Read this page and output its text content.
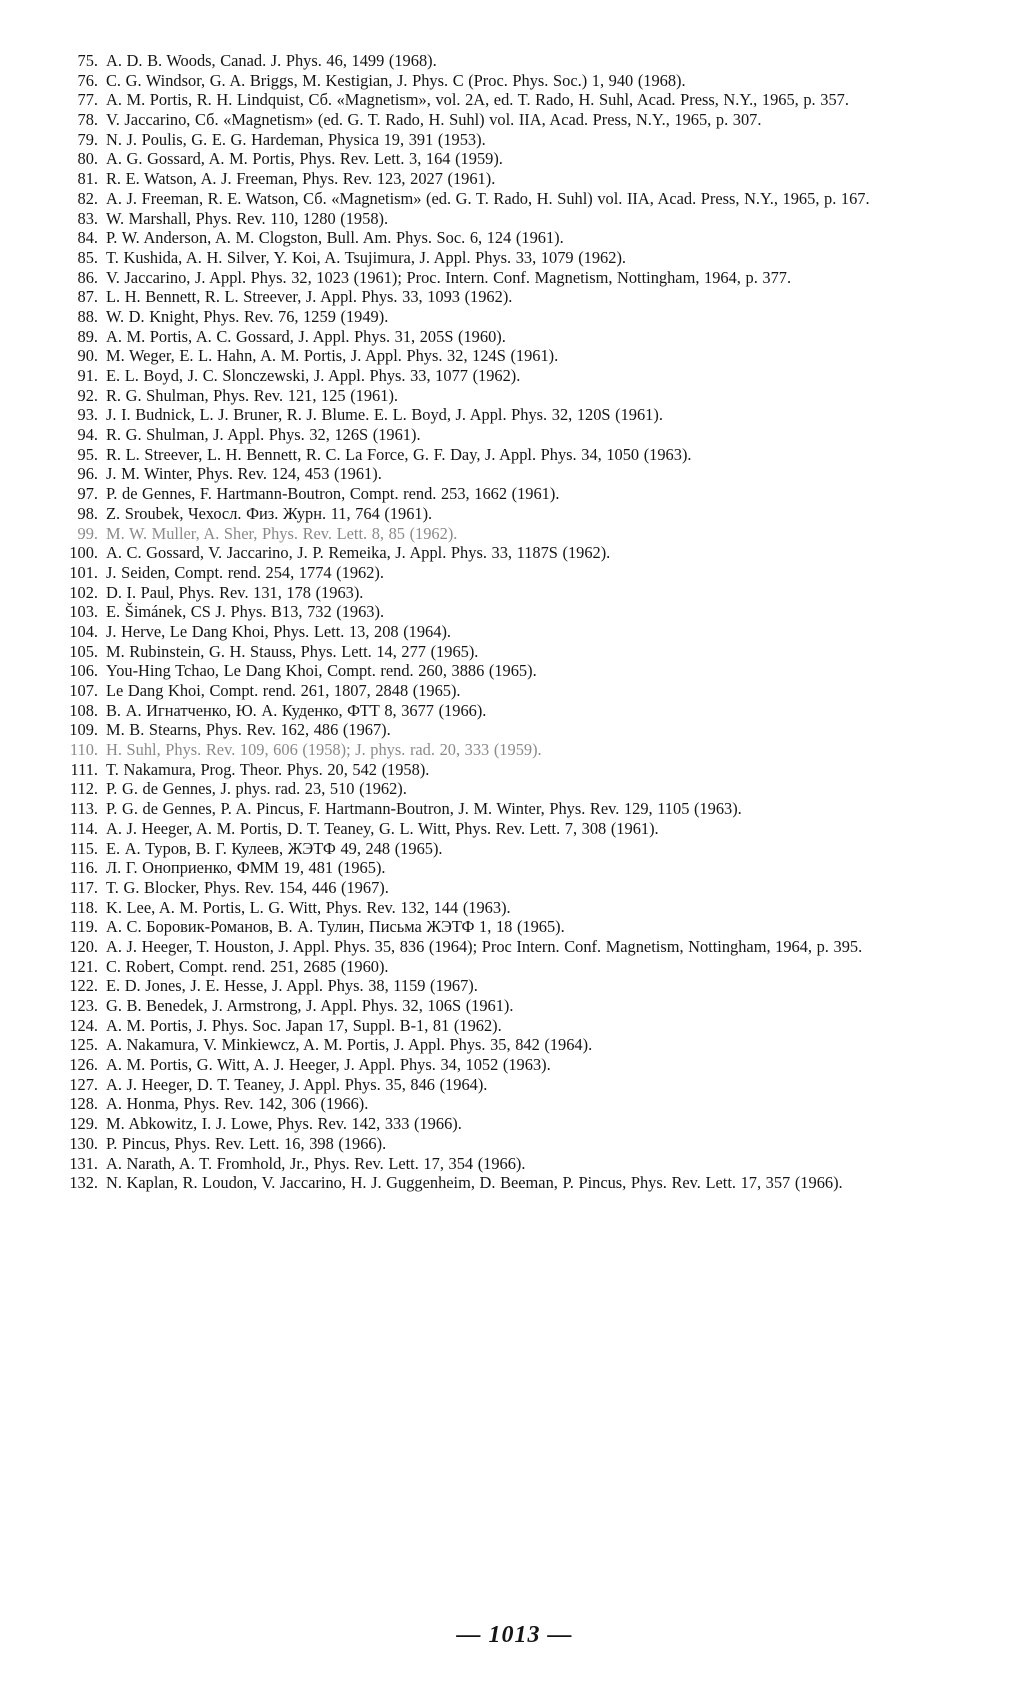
75. A. D. B. Woods, Canad. J. Phys. 46, 1499 (1968).
76. C. G. Windsor, G. A. Briggs, M. Kestigian, J. Phys. C (Proc. Phys. Soc.) 1, 940 (1968).
77. A. M. Portis, R. H. Lindquist, Сб. «Magnetism», vol. 2A, ed. T. Rado, H. Suhl, Acad. Press, N.Y., 1965, p. 357.
78. V. Jaccarino, Сб. «Magnetism» (ed. G. T. Rado, H. Suhl) vol. IIA, Acad. Press, N.Y., 1965, p. 307.
79. N. J. Poulis, G. E. G. Hardeman, Physica 19, 391 (1953).
80. A. G. Gossard, A. M. Portis, Phys. Rev. Lett. 3, 164 (1959).
81. R. E. Watson, A. J. Freeman, Phys. Rev. 123, 2027 (1961).
82. A. J. Freeman, R. E. Watson, Сб. «Magnetism» (ed. G. T. Rado, H. Suhl) vol. IIA, Acad. Press, N.Y., 1965, p. 167.
83. W. Marshall, Phys. Rev. 110, 1280 (1958).
84. P. W. Anderson, A. M. Clogston, Bull. Am. Phys. Soc. 6, 124 (1961).
85. T. Kushida, A. H. Silver, Y. Koi, A. Tsujimura, J. Appl. Phys. 33, 1079 (1962).
86. V. Jaccarino, J. Appl. Phys. 32, 1023 (1961); Proc. Intern. Conf. Magnetism, Nottingham, 1964, p. 377.
87. L. H. Bennett, R. L. Streever, J. Appl. Phys. 33, 1093 (1962).
88. W. D. Knight, Phys. Rev. 76, 1259 (1949).
89. A. M. Portis, A. C. Gossard, J. Appl. Phys. 31, 205S (1960).
90. M. Weger, E. L. Hahn, A. M. Portis, J. Appl. Phys. 32, 124S (1961).
91. E. L. Boyd, J. C. Slonczewski, J. Appl. Phys. 33, 1077 (1962).
92. R. G. Shulman, Phys. Rev. 121, 125 (1961).
93. J. I. Budnick, L. J. Bruner, R. J. Blume. E. L. Boyd, J. Appl. Phys. 32, 120S (1961).
94. R. G. Shulman, J. Appl. Phys. 32, 126S (1961).
95. R. L. Streever, L. H. Bennett, R. C. La Force, G. F. Day, J. Appl. Phys. 34, 1050 (1963).
96. J. M. Winter, Phys. Rev. 124, 453 (1961).
97. P. de Gennes, F. Hartmann-Boutron, Compt. rend. 253, 1662 (1961).
98. Z. Sroubek, Чехосл. Физ. Журн. 11, 764 (1961).
99. M. W. Muller, A. Sher, Phys. Rev. Lett. 8, 85 (1962).
100. A. C. Gossard, V. Jaccarino, J. P. Remeika, J. Appl. Phys. 33, 1187S (1962).
101. J. Seiden, Compt. rend. 254, 1774 (1962).
102. D. I. Paul, Phys. Rev. 131, 178 (1963).
103. E. Šimánek, CS J. Phys. B13, 732 (1963).
104. J. Herve, Le Dang Khoi, Phys. Lett. 13, 208 (1964).
105. M. Rubinstein, G. H. Stauss, Phys. Lett. 14, 277 (1965).
106. You-Hing Tchao, Le Dang Khoi, Compt. rend. 260, 3886 (1965).
107. Le Dang Khoi, Compt. rend. 261, 1807, 2848 (1965).
108. В. А. Игнатченко, Ю. А. Куденко, ФТТ 8, 3677 (1966).
109. M. B. Stearns, Phys. Rev. 162, 486 (1967).
110. H. Suhl, Phys. Rev. 109, 606 (1958); J. phys. rad. 20, 333 (1959).
111. T. Nakamura, Prog. Theor. Phys. 20, 542 (1958).
112. P. G. de Gennes, J. phys. rad. 23, 510 (1962).
113. P. G. de Gennes, P. A. Pincus, F. Hartmann-Boutron, J. M. Winter, Phys. Rev. 129, 1105 (1963).
114. A. J. Heeger, A. M. Portis, D. T. Teaney, G. L. Witt, Phys. Rev. Lett. 7, 308 (1961).
115. Е. А. Туров, В. Г. Кулеев, ЖЭТФ 49, 248 (1965).
116. Л. Г. Оноприенко, ФММ 19, 481 (1965).
117. T. G. Blocker, Phys. Rev. 154, 446 (1967).
118. K. Lee, A. M. Portis, L. G. Witt, Phys. Rev. 132, 144 (1963).
119. А. С. Боровик-Романов, В. А. Тулин, Письма ЖЭТФ 1, 18 (1965).
120. A. J. Heeger, T. Houston, J. Appl. Phys. 35, 836 (1964); Proc Intern. Conf. Magnetism, Nottingham, 1964, p. 395.
121. C. Robert, Compt. rend. 251, 2685 (1960).
122. E. D. Jones, J. E. Hesse, J. Appl. Phys. 38, 1159 (1967).
123. G. B. Benedek, J. Armstrong, J. Appl. Phys. 32, 106S (1961).
124. A. M. Portis, J. Phys. Soc. Japan 17, Suppl. B-1, 81 (1962).
125. A. Nakamura, V. Minkiewcz, A. M. Portis, J. Appl. Phys. 35, 842 (1964).
126. A. M. Portis, G. Witt, A. J. Heeger, J. Appl. Phys. 34, 1052 (1963).
127. A. J. Heeger, D. T. Teaney, J. Appl. Phys. 35, 846 (1964).
128. A. Honma, Phys. Rev. 142, 306 (1966).
129. M. Abkowitz, I. J. Lowe, Phys. Rev. 142, 333 (1966).
130. P. Pincus, Phys. Rev. Lett. 16, 398 (1966).
131. A. Narath, A. T. Fromhold, Jr., Phys. Rev. Lett. 17, 354 (1966).
132. N. Kaplan, R. Loudon, V. Jaccarino, H. J. Guggenheim, D. Beeman, P. Pincus, Phys. Rev. Lett. 17, 357 (1966).
— 1013 —
